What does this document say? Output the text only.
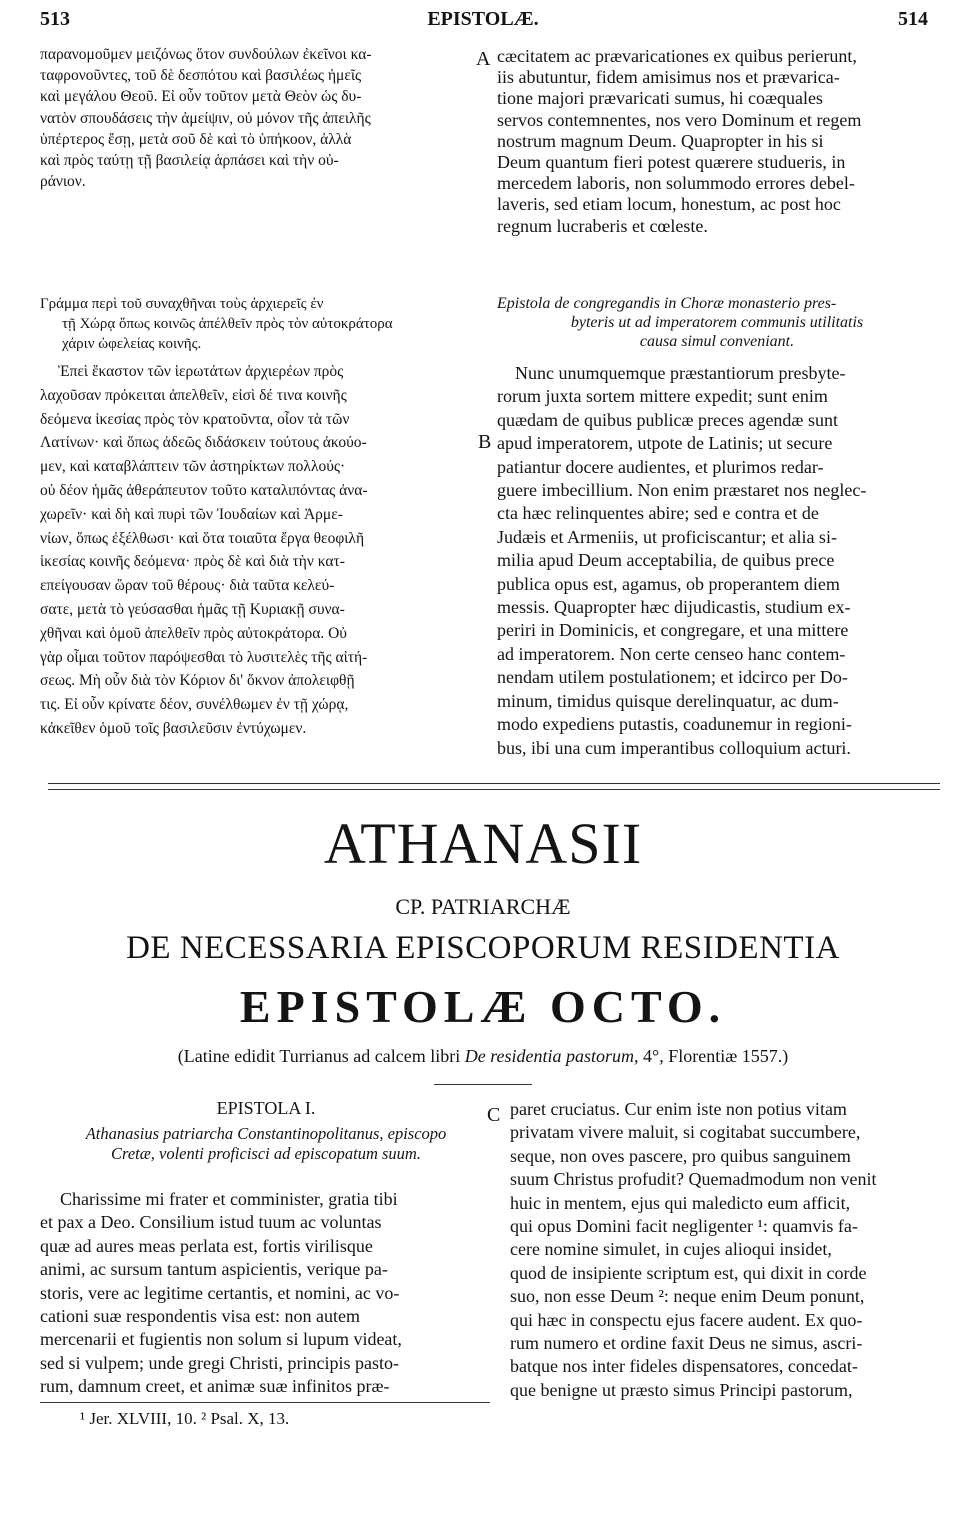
513	EPISTOLÆ.	514
παρανομοῦμεν μειζόνως ὅτον συνδούλων ἐκεῖνοι κα-
ταφρονοῦντες, τοῦ δὲ δεσπότου καὶ βασιλέως ἡμεῖς
καὶ μεγάλου Θεοῦ. Εἰ οὖν τοῦτον μετὰ Θεὸν ὡς δυ-
νατὸν σπουδάσεις τὴν ἀμείψιν, οὐ μόνον τῆς ἀπειλῆς
ὑπέρτερος ἔσῃ, μετὰ σοῦ δὲ καὶ τὸ ὑπήκοον, ἀλλὰ
καὶ πρὸς ταύτῃ τῇ βασιλείᾳ ἁρπάσει καὶ τὴν οὐ-
ράνιον.
A cæcitatem ac prævaricationes ex quibus perierunt,
iis abutuntur, fidem amisimus nos et prævarica-
tione majori prævaricati sumus, hi coæquales
servos contemnentes, nos vero Dominum et regem
nostrum magnum Deum. Quapropter in his si
Deum quantum fieri potest quærere studueris, in
mercedem laboris, non solummodo errores debel-
laveris, sed etiam locum, honestum, ac post hoc
regnum lucraberis et cœleste.
Γράμμα περὶ τοῦ συναχθῆναι τοὺς ἀρχιερεῖς ἐν
τῇ Χώρᾳ ὅπως κοινῶς ἀπέλθεῖν πρὸς τὸν αὐτοκράτορα
χάριν ὠφελείας κοινῆς.
Epistola de congregandis in Choræ monasterio pres-
byteris ut ad imperatorem communis utilitatis
causa simul conveniant.
Ἐπεὶ ἕκαστον τῶν ἱερωτάτων ἀρχιερέων πρὸς
λαχοῦσαν πρόκειται ἀπελθεῖν, εἰσὶ δέ τινα κοινῆς
δεόμενα ἱκεσίας πρὸς τὸν κρατοῦντα, οἷον τὰ τῶν
Λατίνων· καὶ ὅπως ἀδεῶς διδάσκειν τούτους ἀκούο-
μεν, καὶ καταβλάπτειν τῶν ἀστηρίκτων πολλούς·
οὐ δέον ἡμᾶς ἀθεράπευτον τοῦτο καταλιπόντας ἀνα-
χωρεῖν· καὶ δὴ καὶ πυρὶ τῶν Ἰουδαίων καὶ Ἀρμε-
νίων, ὅπως ἐξέλθωσι· καὶ ὅτα τοιαῦτα ἔργα θεοφιλῆ
ἱκεσίας κοινῆς δεόμενα· πρὸς δὲ καὶ διὰ τὴν κατ-
επείγουσαν ὥραν τοῦ θέρους· διὰ ταῦτα κελεύ-
σατε, μετὰ τὸ γεύσασθαι ἡμᾶς τῇ Κυριακῇ συνα-
χθῆναι καὶ ὁμοῦ ἀπελθεῖν πρὸς αὐτοκράτορα. Οὐ
γὰρ οἶμαι τοῦτον παρόψεσθαι τὸ λυσιτελὲς τῆς αἰτή-
σεως. Μὴ οὖν διὰ τὸν Κόριον δι' ὄκνον ἀπολειφθῇ
τις. Εἰ οὖν κρίνατε δέον, συνέλθωμεν ἐν τῇ χώρᾳ,
κἀκεῖθεν ὁμοῦ τοῖς βασιλεῦσιν ἐντύχωμεν.
B
Nunc unumquemque præstantiorum presbyte-
rorum juxta sortem mittere expedit; sunt enim
quædam de quibus publicæ preces agendæ sunt
apud imperatorem, utpote de Latinis; ut secure
patiantur docere audientes, et plurimos redar-
guere imbecillium. Non enim præstaret nos neglec-
cta hæc relinquentes abire; sed e contra et de
Judæis et Armeniis, ut proficiscantur; et alia si-
milia apud Deum acceptabilia, de quibus prece
publica opus est, agamus, ob properantem diem
messis. Quapropter hæc dijudicastis, studium ex-
periri in Dominicis, et congregare, et una mittere
ad imperatorem. Non certe censeo hanc contem-
nendam utilem postulationem; et idcirco per Do-
minum, timidus quisque derelinquatur, ac dum-
modo expediens putastis, coadunemur in regioni-
bus, ibi una cum imperantibus colloquium acturi.
ATHANASII
CP. PATRIARCHÆ
DE NECESSARIA EPISCOPORUM RESIDENTIA
EPISTOLÆ OCTO.
(Latine edidit Turrianus ad calcem libri De residentia pastorum, 4°, Florentiæ 1557.)
EPISTOLA I.
Athanasius patriarcha Constantinopolitanus, episcopo
Cretæ, volenti proficisci ad episcopatum suum.
Charissime mi frater et comminister, gratia tibi
et pax a Deo. Consilium istud tuum ac voluntas
quæ ad aures meas perlata est, fortis virilisque
animi, ac sursum tantum aspicientis, verique pa-
storis, vere ac legitime certantis, et nomini, ac vo-
cationi suæ respondentis visa est: non autem
mercenarii et fugientis non solum si lupum videat,
sed si vulpem; unde gregi Christi, principis pasto-
rum, damnum creet, et animæ suæ infinitos præ-
C paret cruciatus. Cur enim iste non potius vitam
privatam vivere maluit, si cogitabat succumbere,
seque, non oves pascere, pro quibus sanguinem
suum Christus profudit? Quemadmodum non venit
huic in mentem, ejus qui maledicto eum afficit,
qui opus Domini facit negligenter ¹: quamvis fa-
cere nomine simulet, in cujes alioqui insidet,
quod de insipiente scriptum est, qui dixit in corde
suo, non esse Deum ²: neque enim Deum ponunt,
qui hæc in conspectu ejus facere audent. Ex quo-
rum numero et ordine faxit Deus ne simus, ascri-
batque nos inter fideles dispensatores, concedat-
que benigne ut præsto simus Principi pastorum,
¹ Jer. XLVIII, 10. ² Psal. X, 13.
